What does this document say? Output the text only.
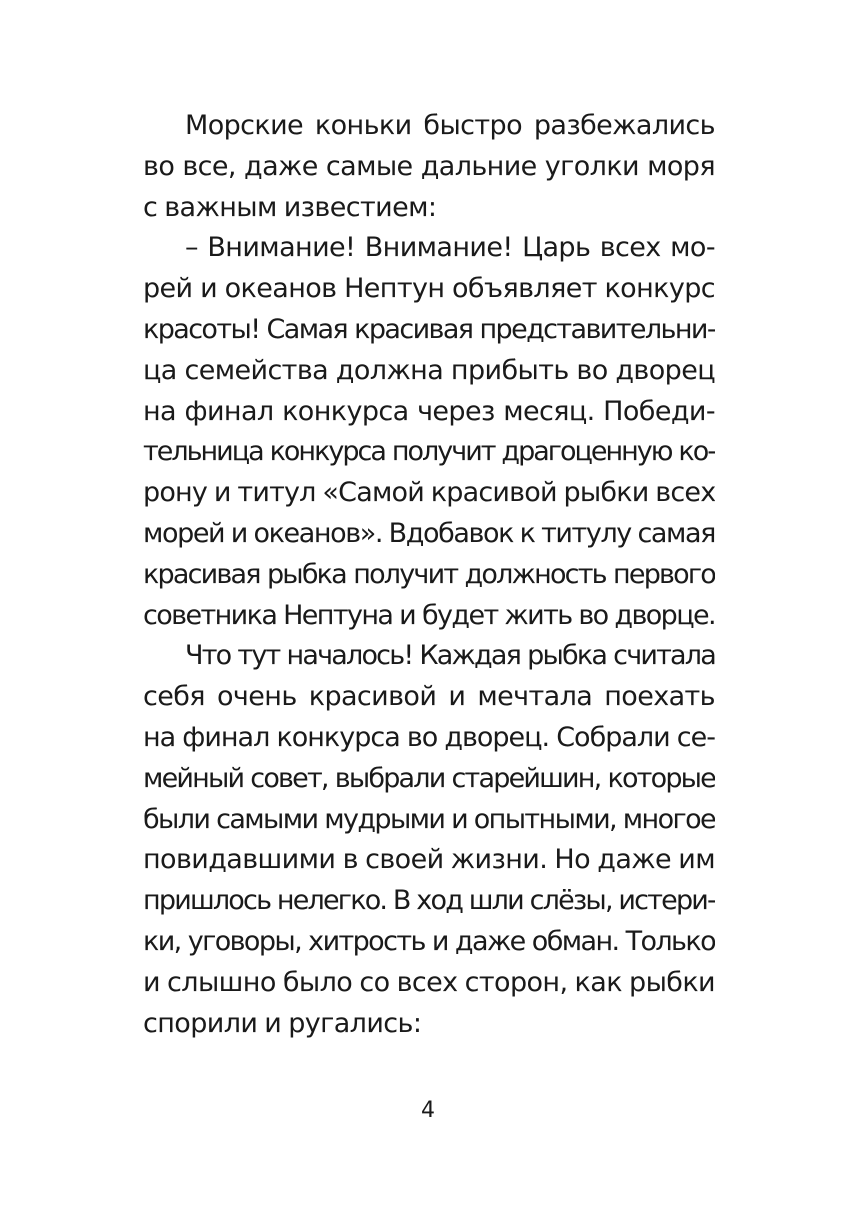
Морские коньки быстро разбежались
во все, даже самые дальние уголки моря
с важным известием:
– Внимание! Внимание! Царь всех мо-
рей и океанов Нептун объявляет конкурс
красоты! Самая красивая представительни-
ца семейства должна прибыть во дворец
на финал конкурса через месяц. Победи-
тельница конкурса получит драгоценную ко-
рону и титул «Самой красивой рыбки всех
морей и океанов». Вдобавок к титулу самая
красивая рыбка получит должность первого
советника Нептуна и будет жить во дворце.
Что тут началось! Каждая рыбка считала
себя очень красивой и мечтала поехать
на финал конкурса во дворец. Собрали се-
мейный совет, выбрали старейшин, которые
были самыми мудрыми и опытными, многое
повидавшими в своей жизни. Но даже им
пришлось нелегко. В ход шли слёзы, истери-
ки, уговоры, хитрость и даже обман. Только
и слышно было со всех сторон, как рыбки
спорили и ругались:
4
